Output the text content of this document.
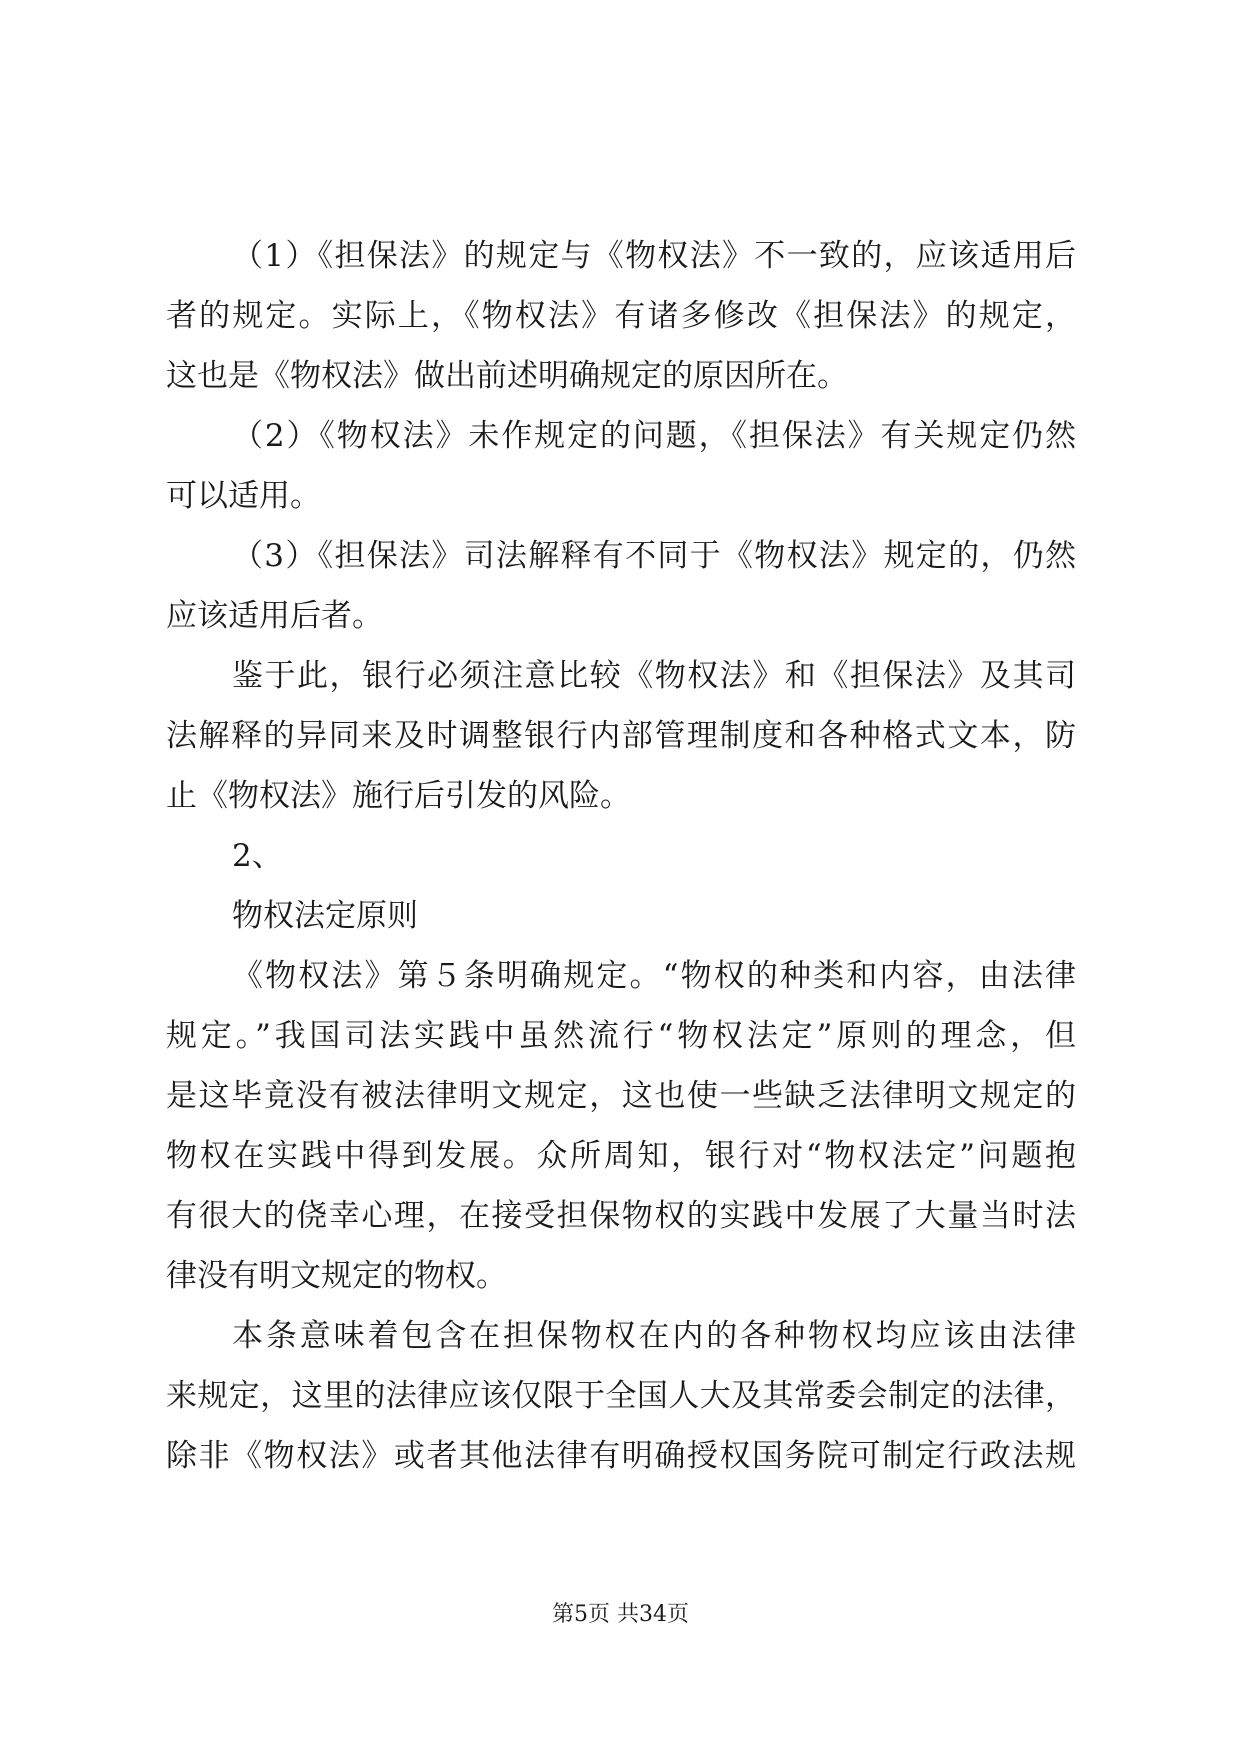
（1）《担保法》的规定与《物权法》不一致的，应该适用后
者的规定。实际上，《物权法》有诸多修改《担保法》的规定，
这也是《物权法》做出前述明确规定的原因所在。
（2）《物权法》未作规定的问题，《担保法》有关规定仍然
可以适用。
（3）《担保法》司法解释有不同于《物权法》规定的，仍然
应该适用后者。
鉴于此，银行必须注意比较《物权法》和《担保法》及其司
法解释的异同来及时调整银行内部管理制度和各种格式文本，防
止《物权法》施行后引发的风险。
2、
物权法定原则
《物权法》第５条明确规定。“物权的种类和内容，由法律
规定。”我国司法实践中虽然流行“物权法定”原则的理念，但
是这毕竟没有被法律明文规定，这也使一些缺乏法律明文规定的
物权在实践中得到发展。众所周知，银行对“物权法定”问题抱
有很大的侥幸心理，在接受担保物权的实践中发展了大量当时法
律没有明文规定的物权。
本条意味着包含在担保物权在内的各种物权均应该由法律
来规定，这里的法律应该仅限于全国人大及其常委会制定的法律，
除非《物权法》或者其他法律有明确授权国务院可制定行政法规
第5页 共34页
